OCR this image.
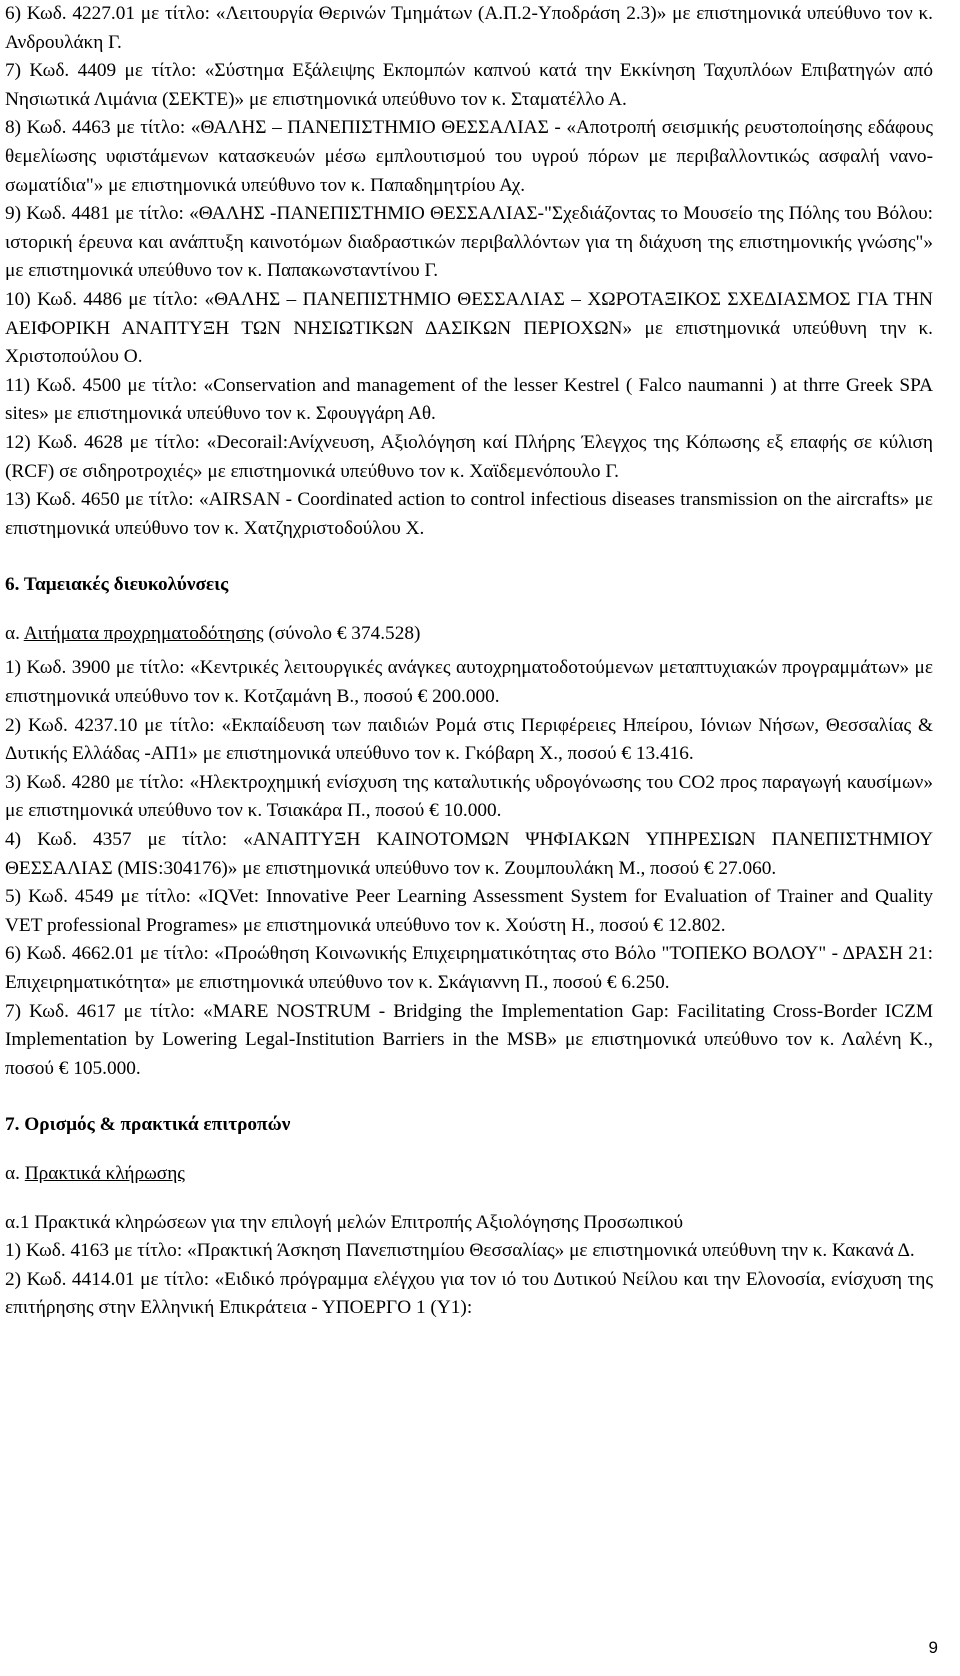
6) Κωδ. 4227.01 με τίτλο: «Λειτουργία Θερινών Τμημάτων (Α.Π.2-Υποδράση 2.3)» με επιστημονικά υπεύθυνο τον κ. Ανδρουλάκη Γ.

7) Κωδ. 4409 με τίτλο: «Σύστημα Εξάλειψης Εκπομπών καπνού κατά την Εκκίνηση Ταχυπλόων Επιβατηγών από Νησιωτικά Λιμάνια (ΣΕΚΤΕ)» με επιστημονικά υπεύθυνο τον κ. Σταματέλλο Α.

8) Κωδ. 4463 με τίτλο: «ΘΑΛΗΣ – ΠΑΝΕΠΙΣΤΗΜΙΟ ΘΕΣΣΑΛΙΑΣ - «Αποτροπή σεισμικής ρευστοποίησης εδάφους θεμελίωσης υφιστάμενων κατασκευών μέσω εμπλουτισμού του υγρού πόρων με περιβαλλοντικώς ασφαλή νανο-σωματίδια"» με επιστημονικά υπεύθυνο τον κ. Παπαδημητρίου Αχ.

9) Κωδ. 4481 με τίτλο: «ΘΑΛΗΣ -ΠΑΝΕΠΙΣΤΗΜΙΟ ΘΕΣΣΑΛΙΑΣ-"Σχεδιάζοντας το Μουσείο της Πόλης του Βόλου: ιστορική έρευνα και ανάπτυξη καινοτόμων διαδραστικών περιβαλλόντων για τη διάχυση της επιστημονικής γνώσης"» με επιστημονικά υπεύθυνο τον κ. Παπακωνσταντίνου Γ.

10) Κωδ. 4486 με τίτλο: «ΘΑΛΗΣ – ΠΑΝΕΠΙΣΤΗΜΙΟ ΘΕΣΣΑΛΙΑΣ – ΧΩΡΟΤΑΞΙΚΟΣ ΣΧΕΔΙΑΣΜΟΣ ΓΙΑ ΤΗΝ ΑΕΙΦΟΡΙΚΗ ΑΝΑΠΤΥΞΗ ΤΩΝ ΝΗΣΙΩΤΙΚΩΝ ΔΑΣΙΚΩΝ ΠΕΡΙΟΧΩΝ» με επιστημονικά υπεύθυνη την κ. Χριστοπούλου Ο.

11) Κωδ. 4500 με τίτλο: «Conservation and management of the lesser Kestrel ( Falco naumanni ) at thrre Greek SPA sites» με επιστημονικά υπεύθυνο τον κ. Σφουγγάρη Αθ.

12) Κωδ. 4628 με τίτλο: «Decorail:Ανίχνευση, Αξιολόγηση καί Πλήρης Έλεγχος της Κόπωσης εξ επαφής σε κύλιση (RCF) σε σιδηροτροχιές» με επιστημονικά υπεύθυνο τον κ. Χαϊδεμενόπουλο Γ.

13) Κωδ. 4650 με τίτλο: «AIRSAN - Coordinated action to control infectious diseases transmission on the aircrafts» με επιστημονικά υπεύθυνο τον κ. Χατζηχριστοδούλου Χ.

6. Ταμειακές διευκολύνσεις

α. Αιτήματα προχρηματοδότησης (σύνολο € 374.528)

1) Κωδ. 3900 με τίτλο: «Κεντρικές λειτουργικές ανάγκες αυτοχρηματοδοτούμενων μεταπτυχιακών προγραμμάτων» με επιστημονικά υπεύθυνο τον κ. Κοτζαμάνη Β., ποσού € 200.000.

2) Κωδ. 4237.10 με τίτλο: «Εκπαίδευση των παιδιών Ρομά στις Περιφέρειες Ηπείρου, Ιόνιων Νήσων, Θεσσαλίας & Δυτικής Ελλάδας -ΑΠ1» με επιστημονικά υπεύθυνο τον κ. Γκόβαρη Χ., ποσού € 13.416.

3) Κωδ. 4280 με τίτλο: «Ηλεκτροχημική ενίσχυση της καταλυτικής υδρογόνωσης του CO2 προς παραγωγή καυσίμων» με επιστημονικά υπεύθυνο τον κ. Τσιακάρα Π., ποσού € 10.000.

4) Κωδ. 4357 με τίτλο: «ΑΝΑΠΤΥΞΗ ΚΑΙΝΟΤΟΜΩΝ ΨΗΦΙΑΚΩΝ ΥΠΗΡΕΣΙΩΝ ΠΑΝΕΠΙΣΤΗΜΙΟΥ ΘΕΣΣΑΛΙΑΣ (MIS:304176)» με επιστημονικά υπεύθυνο τον κ. Ζουμπουλάκη Μ., ποσού € 27.060.

5) Κωδ. 4549 με τίτλο: «IQVet: Innovative Peer Learning Assessment System for Evaluation of Trainer and Quality VET professional Programes» με επιστημονικά υπεύθυνο τον κ. Χούστη Η., ποσού € 12.802.

6) Κωδ. 4662.01 με τίτλο: «Προώθηση Κοινωνικής Επιχειρηματικότητας στο Βόλο "ΤΟΠΕΚΟ ΒΟΛΟΥ" - ΔΡΑΣΗ 21: Επιχειρηματικότητα» με επιστημονικά υπεύθυνο τον κ. Σκάγιαννη Π., ποσού € 6.250.

7) Κωδ. 4617 με τίτλο: «MARE NOSTRUM - Bridging the Implementation Gap: Facilitating Cross-Border ICZM Implementation by Lowering Legal-Institution Barriers in the MSB» με επιστημονικά υπεύθυνο τον κ. Λαλένη Κ., ποσού € 105.000.

7. Ορισμός & πρακτικά επιτροπών

α. Πρακτικά κλήρωσης

α.1 Πρακτικά κληρώσεων για την επιλογή μελών Επιτροπής Αξιολόγησης Προσωπικού

1) Κωδ. 4163 με τίτλο: «Πρακτική Άσκηση Πανεπιστημίου Θεσσαλίας» με επιστημονικά υπεύθυνη την κ. Κακανά Δ.

2) Κωδ. 4414.01 με τίτλο: «Ειδικό πρόγραμμα ελέγχου για τον ιό του Δυτικού Νείλου και την Ελονοσία, ενίσχυση της επιτήρησης στην Ελληνική Επικράτεια - ΥΠΟΕΡΓΟ 1 (Υ1):

9
